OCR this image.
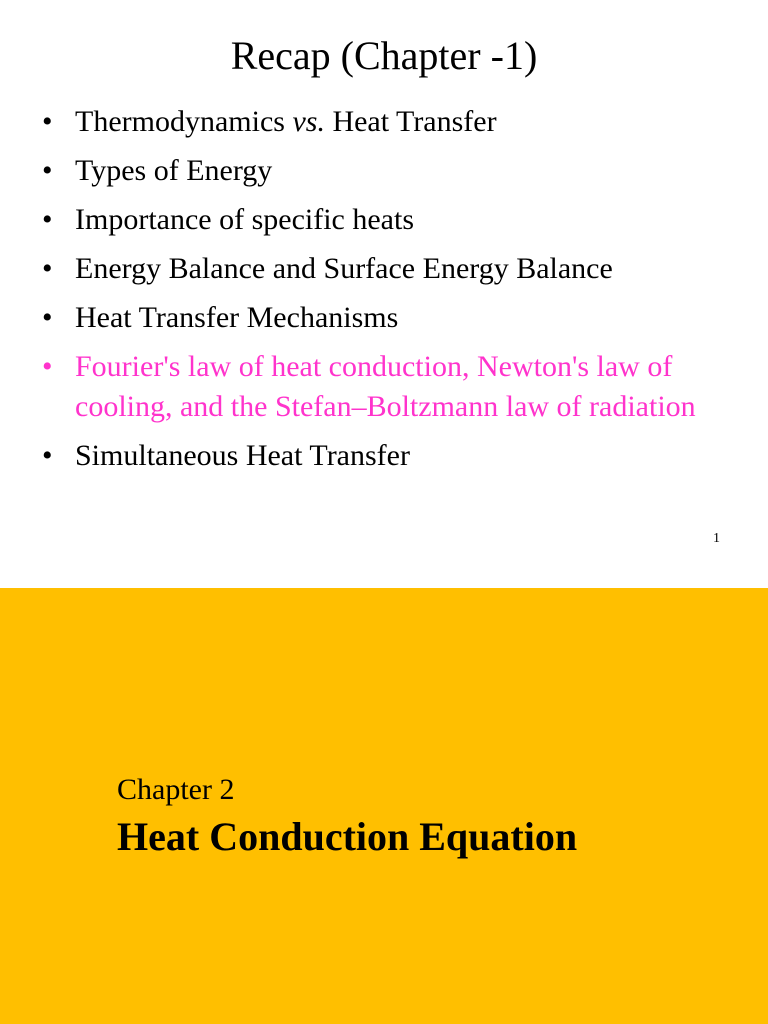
Recap (Chapter -1)
• Thermodynamics vs. Heat Transfer
• Types of Energy
• Importance of specific heats
• Energy Balance and Surface Energy Balance
• Heat Transfer Mechanisms
• Fourier's law of heat conduction, Newton's law of cooling, and the Stefan–Boltzmann law of radiation
• Simultaneous Heat Transfer
1
Chapter 2
Heat Conduction Equation
